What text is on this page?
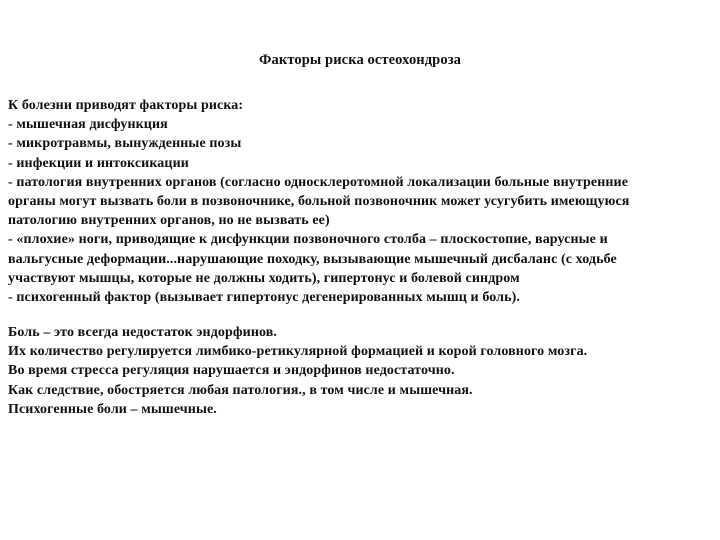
Факторы риска остеохондроза
К болезни приводят факторы риска:
- мышечная дисфункция
- микротравмы, вынужденные позы
- инфекции и интоксикации
- патология внутренних органов (согласно односклеротомной локализации больные внутренние
органы могут вызвать боли в позвоночнике, больной позвоночник может усугубить имеющуюся
патологию внутренних органов, но не вызвать ее)
- «плохие» ноги, приводящие к дисфункции позвоночного столба – плоскостопие, варусные и
вальгусные деформации...нарушающие походку, вызывающие мышечный дисбаланс (с ходьбе
участвуют мышцы, которые не должны ходить), гипертонус и болевой синдром
- психогенный фактор (вызывает гипертонус дегенерированных мышц и боль).
Боль – это всегда недостаток эндорфинов.
Их количество регулируется лимбико-ретикулярной формацией и корой головного мозга.
Во время стресса регуляция нарушается и эндорфинов недостаточно.
Как следствие, обостряется любая патология., в том числе и мышечная.
Психогенные боли – мышечные.
